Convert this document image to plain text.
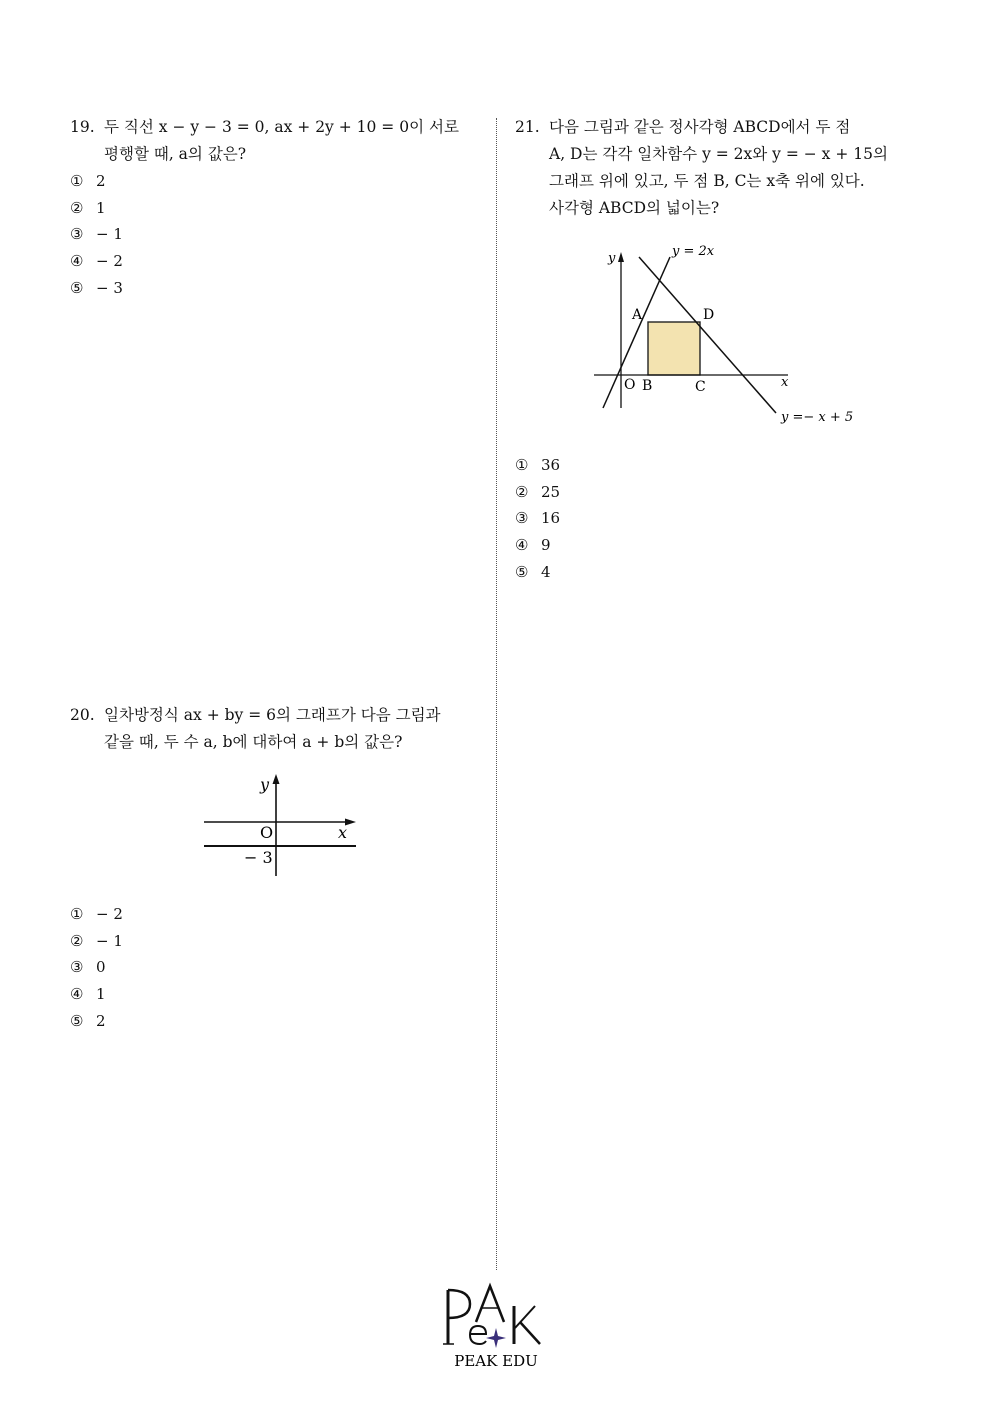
19. 두 직선 x − y − 3 = 0, ax + 2y + 10 = 0이 서로
평행할 때, a의 값은?
① 2
② 1
③ − 1
④ − 2
⑤ − 3
20. 일차방정식 ax + by = 6의 그래프가 다음 그림과
같을 때, 두 수 a, b에 대하여 a + b의 값은?
y
x
O
− 3
① − 2
② − 1
③ 0
④ 1
⑤ 2
21. 다음 그림과 같은 정사각형 ABCD에서 두 점
A, D는 각각 일차함수 y = 2x와 y = − x + 15의
그래프 위에 있고, 두 점 B, C는 x축 위에 있다.
사각형 ABCD의 넓이는?
y	y = 2x
A	D
O B	C	x
y =− x + 5
① 36
② 25
③ 16
④ 9
⑤ 4
PEAK EDU
